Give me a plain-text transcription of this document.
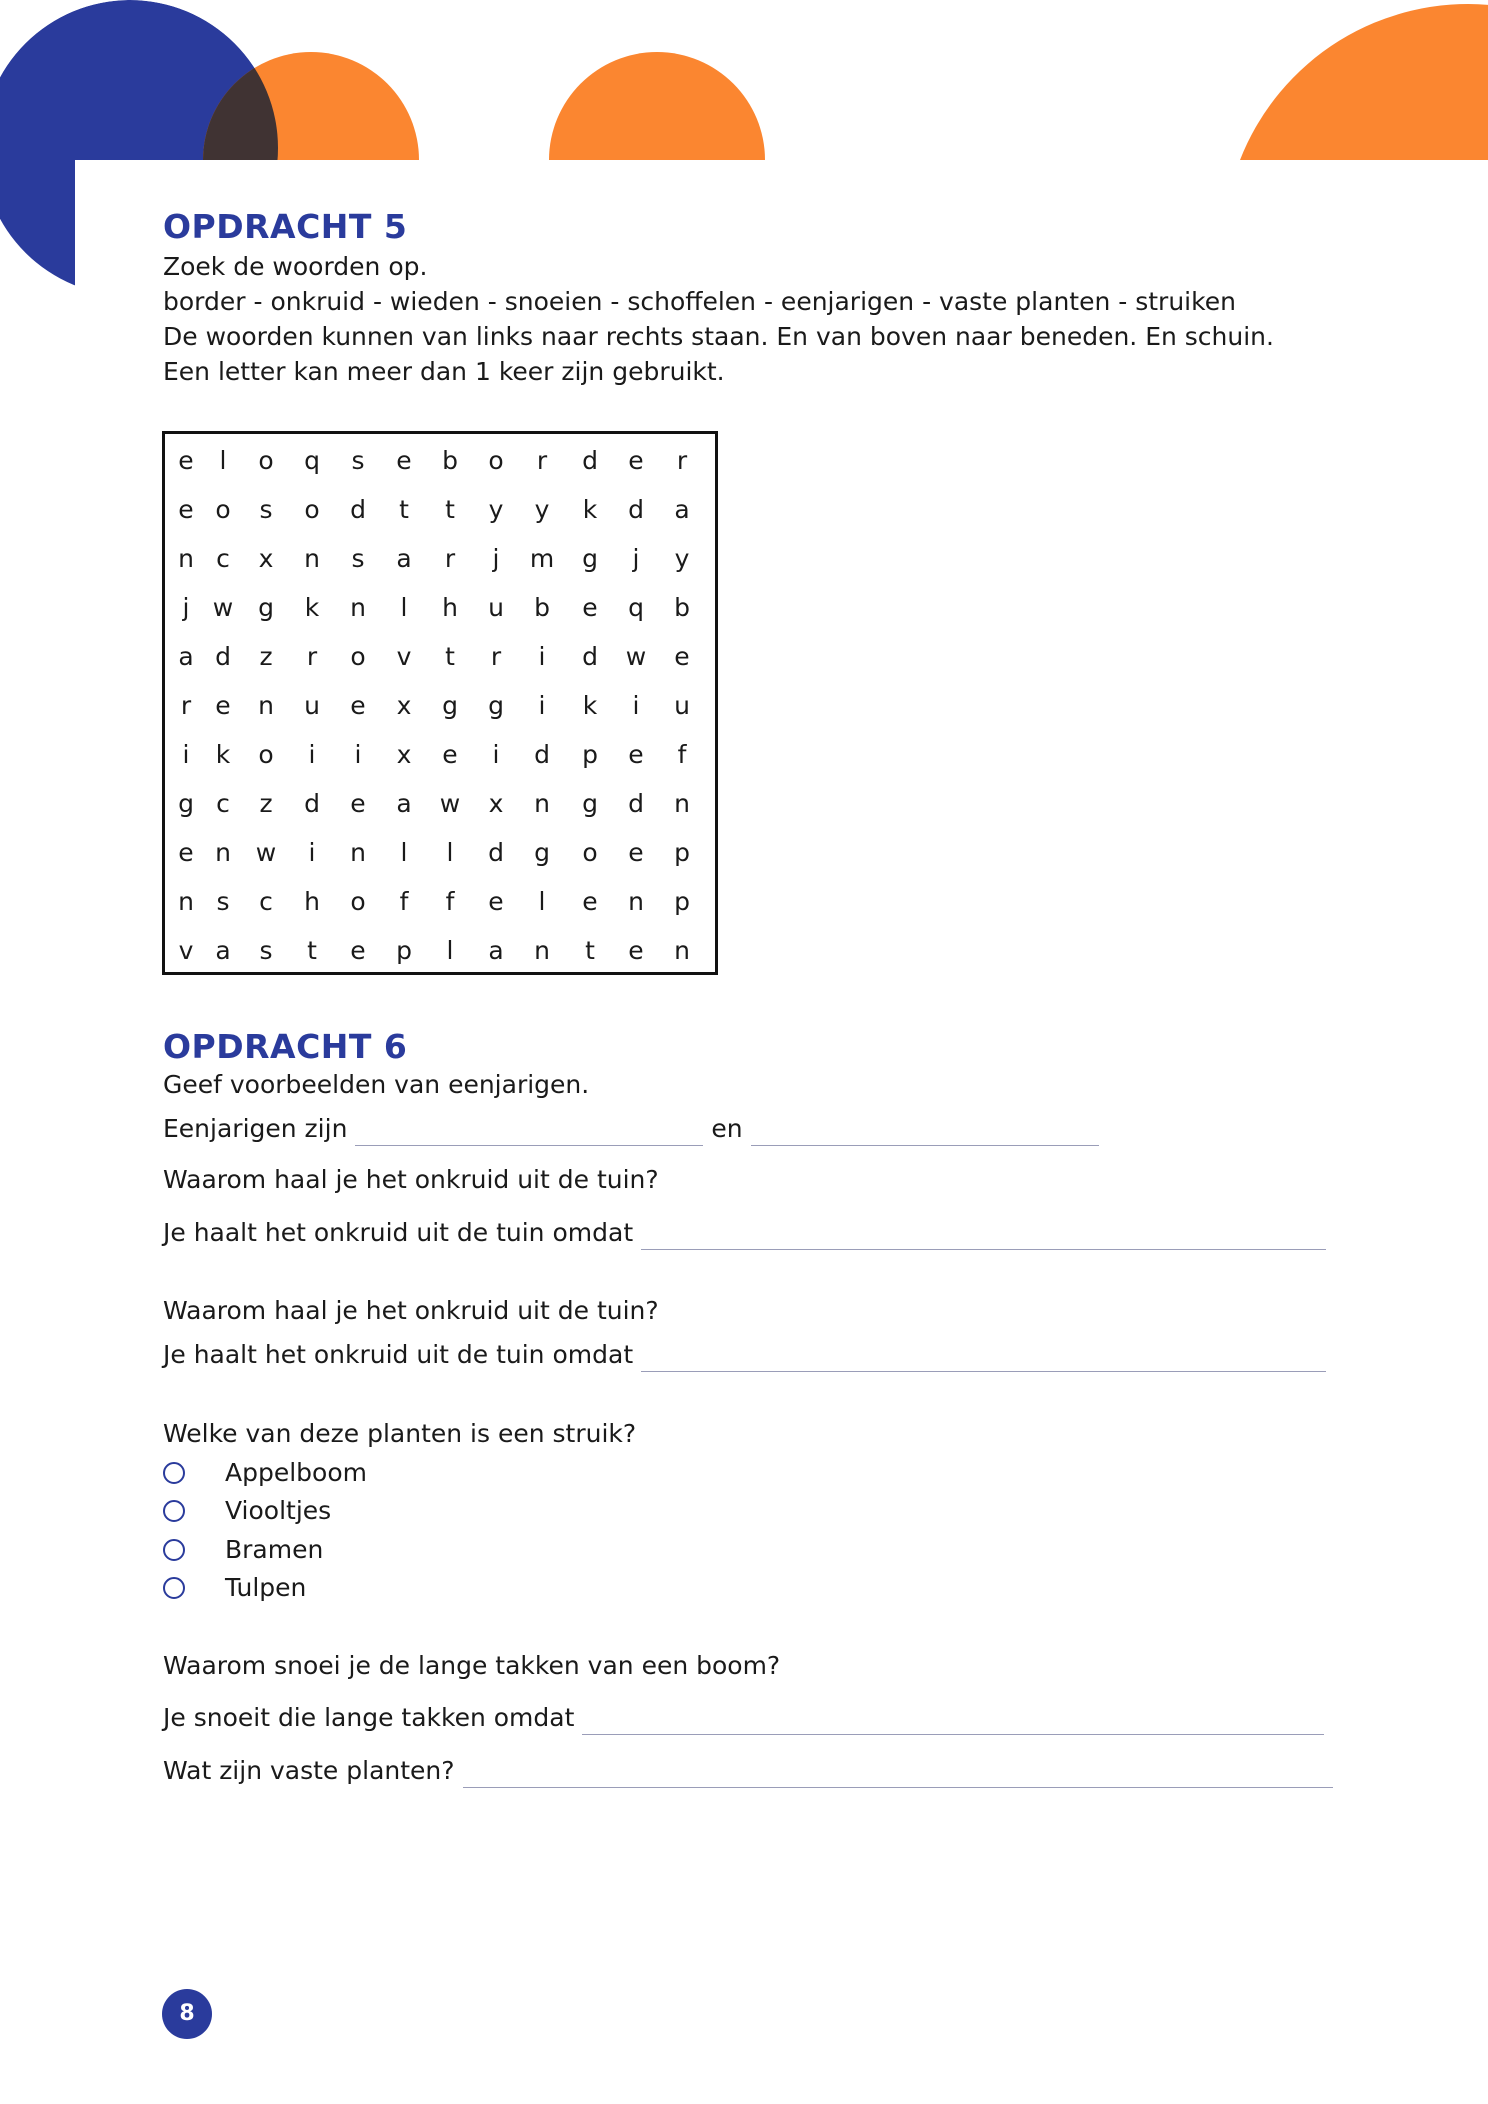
OPDRACHT 5

Zoek de woorden op.

border - onkruid - wieden - snoeien - schoffelen - eenjarigen - vaste planten - struiken

De woorden kunnen van links naar rechts staan. En van boven naar beneden. En schuin.

Een letter kan meer dan 1 keer zijn gebruikt.

e	l	o q	s	e b o	r	d e	r
e o	s	o d	t	t	y	y	k	d a
n c	x	n	s	a	r	j	m g	j	y
j w g	k	n	l	h u b e q b
a d	z	r	o	v	t	r	i	d w e
r e n u e	x	g g	i	k	i	u
i	k	o	i	i	x	e	i	d p e	f
g c	z	d e a w	x	n g d n
e n w	i	n	l	l	d g o e p
n s	c	h o	f	f	e	l	e n p
v a	s	t	e p	l	a n	t	e n
OPDRACHT 6
Geef voorbeelden van eenjarigen.
Eenjarigen zijn	en
Waarom haal je het onkruid uit de tuin?
Je haalt het onkruid uit de tuin omdat
Waarom haal je het onkruid uit de tuin?
Je haalt het onkruid uit de tuin omdat
Welke van deze planten is een struik?
Appelboom
Viooltjes
Bramen
Tulpen
Waarom snoei je de lange takken van een boom?
Je snoeit die lange takken omdat
Wat zijn vaste planten?
8
